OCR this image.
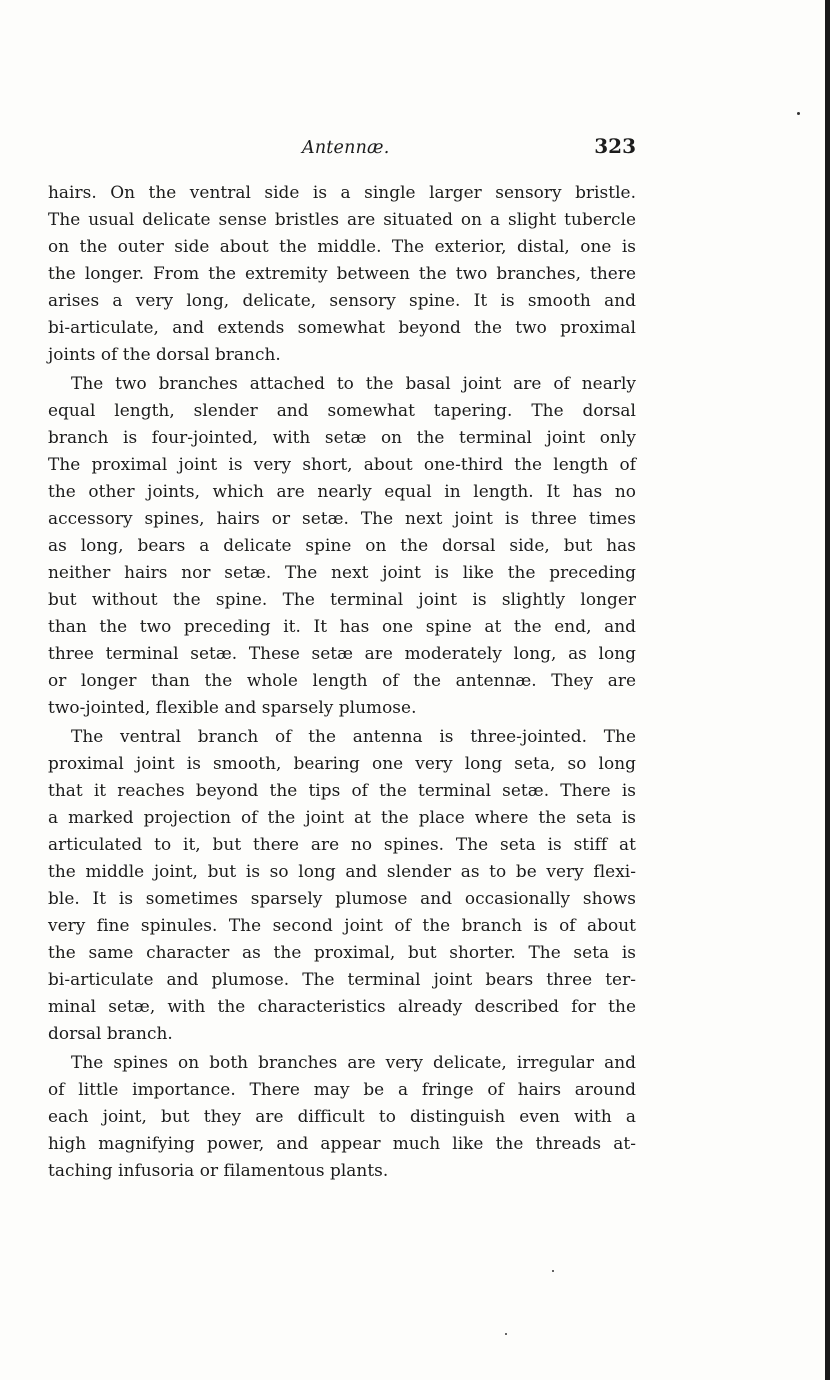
Antennæ.	323
hairs. On the ventral side is a single larger sensory bristle.
The usual delicate sense bristles are situated on a slight tubercle
on the outer side about the middle. The exterior, distal, one is
the longer. From the extremity between the two branches, there
arises a very long, delicate, sensory spine. It is smooth and
bi-articulate, and extends somewhat beyond the two proximal
joints of the dorsal branch.
The two branches attached to the basal joint are of nearly
equal length, slender and somewhat tapering. The dorsal
branch is four-jointed, with setæ on the terminal joint only
The proximal joint is very short, about one-third the length of
the other joints, which are nearly equal in length. It has no
accessory spines, hairs or setæ. The next joint is three times
as long, bears a delicate spine on the dorsal side, but has
neither hairs nor setæ. The next joint is like the preceding
but without the spine. The terminal joint is slightly longer
than the two preceding it. It has one spine at the end, and
three terminal setæ. These setæ are moderately long, as long
or longer than the whole length of the antennæ. They are
two-jointed, flexible and sparsely plumose.
The ventral branch of the antenna is three-jointed. The
proximal joint is smooth, bearing one very long seta, so long
that it reaches beyond the tips of the terminal setæ. There is
a marked projection of the joint at the place where the seta is
articulated to it, but there are no spines. The seta is stiff at
the middle joint, but is so long and slender as to be very flexi-
ble. It is sometimes sparsely plumose and occasionally shows
very fine spinules. The second joint of the branch is of about
the same character as the proximal, but shorter. The seta is
bi-articulate and plumose. The terminal joint bears three ter-
minal setæ, with the characteristics already described for the
dorsal branch.
The spines on both branches are very delicate, irregular and
of little importance. There may be a fringe of hairs around
each joint, but they are difficult to distinguish even with a
high magnifying power, and appear much like the threads at-
taching infusoria or filamentous plants.
